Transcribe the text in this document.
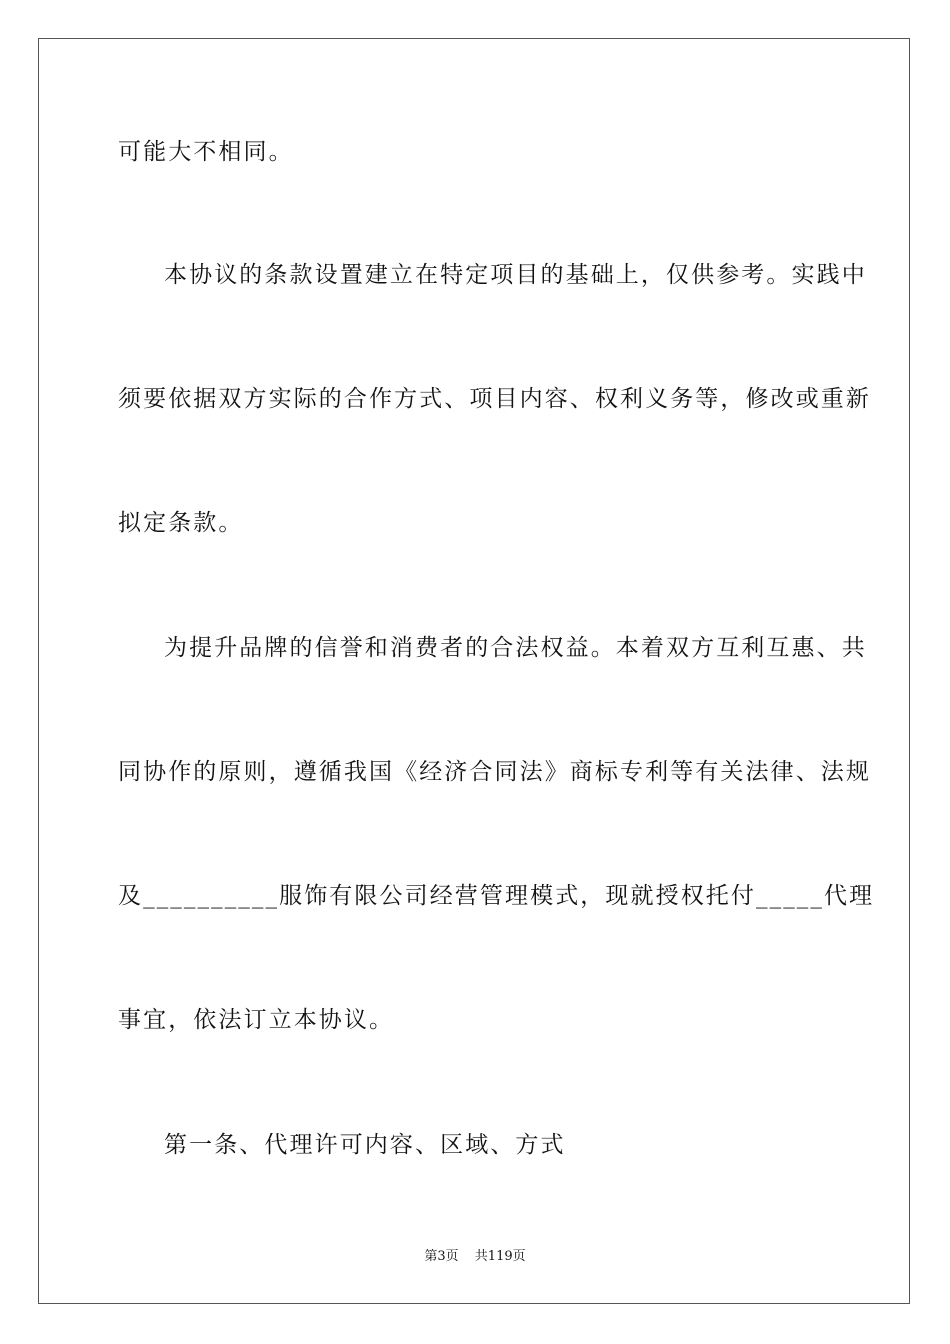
可能大不相同。
本协议的条款设置建立在特定项目的基础上，仅供参考。实践中
须要依据双方实际的合作方式、项目内容、权利义务等，修改或重新
拟定条款。
为提升品牌的信誉和消费者的合法权益。本着双方互利互惠、共
同协作的原则，遵循我国《经济合同法》商标专利等有关法律、法规
及__________服饰有限公司经营管理模式，现就授权托付_____代理
事宜，依法订立本协议。
第一条、代理许可内容、区域、方式
第3页 共119页
